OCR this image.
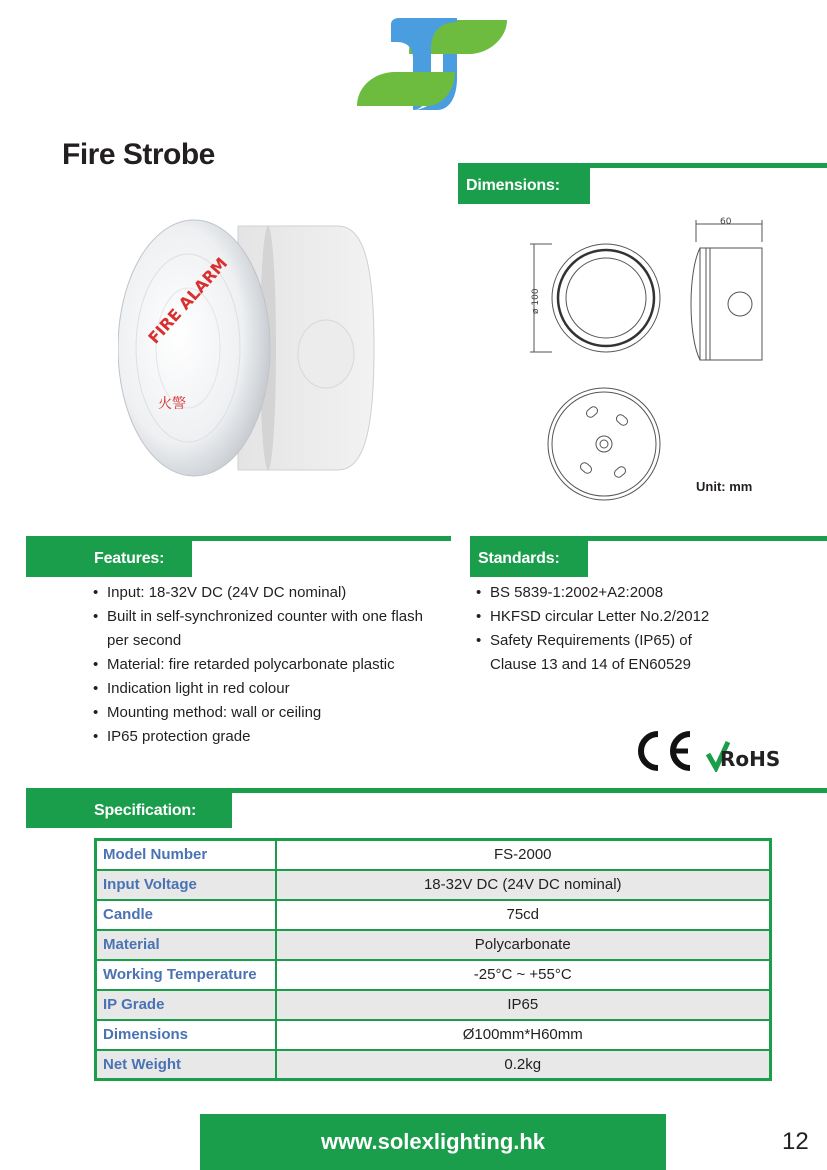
Fire Strobe
FIRE ALARM
火警
Dimensions:
60
ø 100
Unit: mm
Features:
• Input: 18-32V DC (24V DC nominal)
• Built in self-synchronized counter with one flash per second
• Material: fire retarded polycarbonate plastic
• Indication light in red colour
• Mounting method: wall or ceiling
• IP65 protection grade
Standards:
• BS 5839-1:2002+A2:2008
• HKFSD circular Letter No.2/2012
• Safety Requirements (IP65) of Clause 13 and 14 of EN60529
RoHS
Specification:
Model Number	FS-2000
Input Voltage	18-32V DC (24V DC nominal)
Candle	75cd
Material	Polycarbonate
Working Temperature	-25°C ~ +55°C
IP Grade	IP65
Dimensions	Ø100mm*H60mm
Net Weight	0.2kg
www.solexlighting.hk	12
